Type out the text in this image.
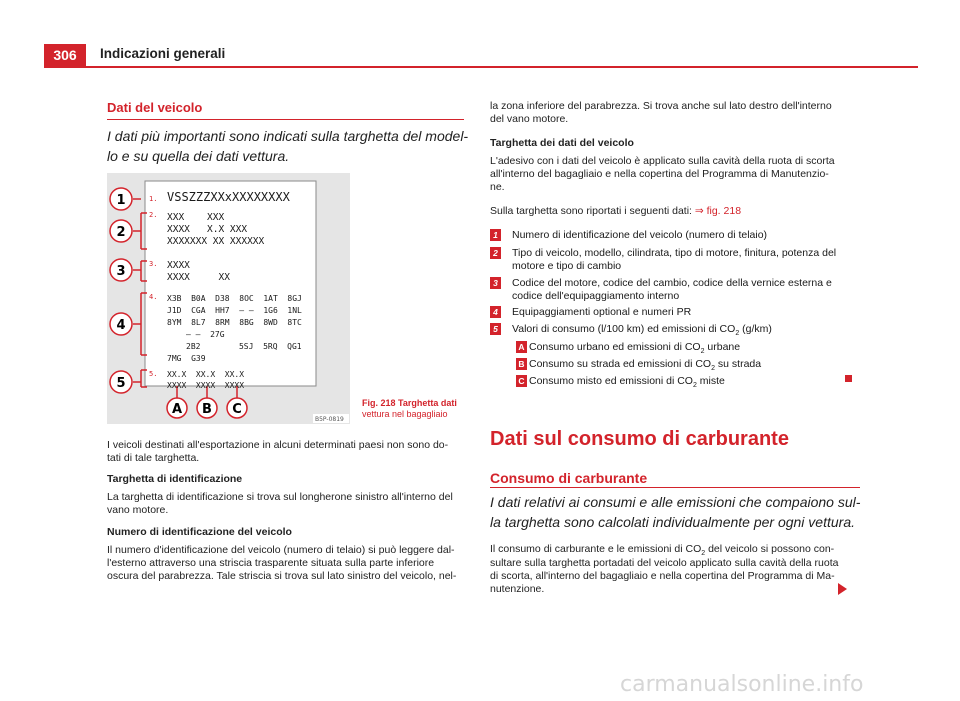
306	Indicazioni generali
Dati del veicolo
I dati più importanti sono indicati sulla targhetta del model-
lo e su quella dei dati vettura.
1
2
3
4
5
1. VSSZZZXXxXXXXXXXX
2. XXX    XXX
XXXX   X.X XXX
XXXXXXX XX XXXXXX
3. XXXX
XXXX     XX
4. X3B  B0A  D38  8OC  1AT  8GJ
J1D  CGA  HH7  – –  1G6  1NL
8YM  8L7  8RM  8BG  8WD  8TC
– –  27G
2B2        5SJ  5RQ  QG1
7MG  G39
5. XX.X  XX.X  XX.X
XXXX  XXXX  XXXX
A B C
B5P-0819
Fig. 218 Targhetta dati
vettura nel bagagliaio
I veicoli destinati all'esportazione in alcuni determinati paesi non sono do-
tati di tale targhetta.
Targhetta di identificazione
La targhetta di identificazione si trova sul longherone sinistro all'interno del
vano motore.
Numero di identificazione del veicolo
Il numero d'identificazione del veicolo (numero di telaio) si può leggere dal-
l'esterno attraverso una striscia trasparente situata sulla parte inferiore
oscura del parabrezza. Tale striscia si trova sul lato sinistro del veicolo, nel-
la zona inferiore del parabrezza. Si trova anche sul lato destro dell'interno
del vano motore.
Targhetta dei dati del veicolo
L'adesivo con i dati del veicolo è applicato sulla cavità della ruota di scorta
all'interno del bagagliaio e nella copertina del Programma di Manutenzio-
ne.
Sulla targhetta sono riportati i seguenti dati: ⇒ fig. 218
1 Numero di identificazione del veicolo (numero di telaio)
2 Tipo di veicolo, modello, cilindrata, tipo di motore, finitura, potenza del
motore e tipo di cambio
3 Codice del motore, codice del cambio, codice della vernice esterna e
codice dell'equipaggiamento interno
4 Equipaggiamenti optional e numeri PR
5 Valori di consumo (l/100 km) ed emissioni di $CO_2$ (g/km)
A Consumo urbano ed emissioni di $CO_2$ urbane
B Consumo su strada ed emissioni di $CO_2$ su strada
C Consumo misto ed emissioni di $CO_2$ miste
Dati sul consumo di carburante
Consumo di carburante
I dati relativi ai consumi e alle emissioni che compaiono sul-
la targhetta sono calcolati individualmente per ogni vettura.
Il consumo di carburante e le emissioni di $CO_2$ del veicolo si possono con-
sultare sulla targhetta portadati del veicolo applicato sulla cavità della ruota
di scorta, all'interno del bagagliaio e nella copertina del Programma di Ma-
nutenzione.
carmanualsonline.info
